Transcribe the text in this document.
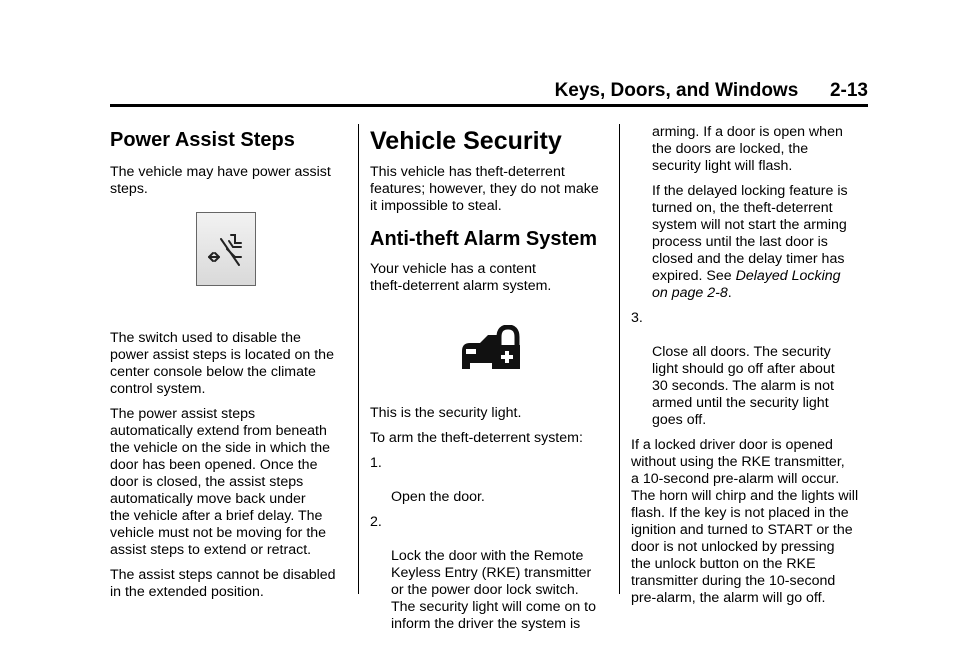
Keys, Doors, and Windows 2-13
Power Assist Steps

The vehicle may have power assist
steps.

The switch used to disable the
power assist steps is located on the
center console below the climate
control system.

The power assist steps
automatically extend from beneath
the vehicle on the side in which the
door has been opened. Once the
door is closed, the assist steps
automatically move back under
the vehicle after a brief delay. The
vehicle must not be moving for the
assist steps to extend or retract.

The assist steps cannot be disabled
in the extended position.

Vehicle Security

This vehicle has theft-deterrent
features; however, they do not make
it impossible to steal.

Anti-theft Alarm System

Your vehicle has a content
theft-deterrent alarm system.

This is the security light.

To arm the theft-deterrent system:

1.

Open the door.

2.

Lock the door with the Remote
Keyless Entry (RKE) transmitter
or the power door lock switch.
The security light will come on to
inform the driver the system is

arming. If a door is open when
the doors are locked, the
security light will flash.

If the delayed locking feature is
turned on, the theft-deterrent
system will not start the arming
process until the last door is
closed and the delay timer has
expired. See Delayed Locking
on page 2-8.

3.

Close all doors. The security
light should go off after about
30 seconds. The alarm is not
armed until the security light
goes off.

If a locked driver door is opened
without using the RKE transmitter,
a 10-second pre-alarm will occur.
The horn will chirp and the lights will
flash. If the key is not placed in the
ignition and turned to START or the
door is not unlocked by pressing
the unlock button on the RKE
transmitter during the 10-second
pre-alarm, the alarm will go off.
